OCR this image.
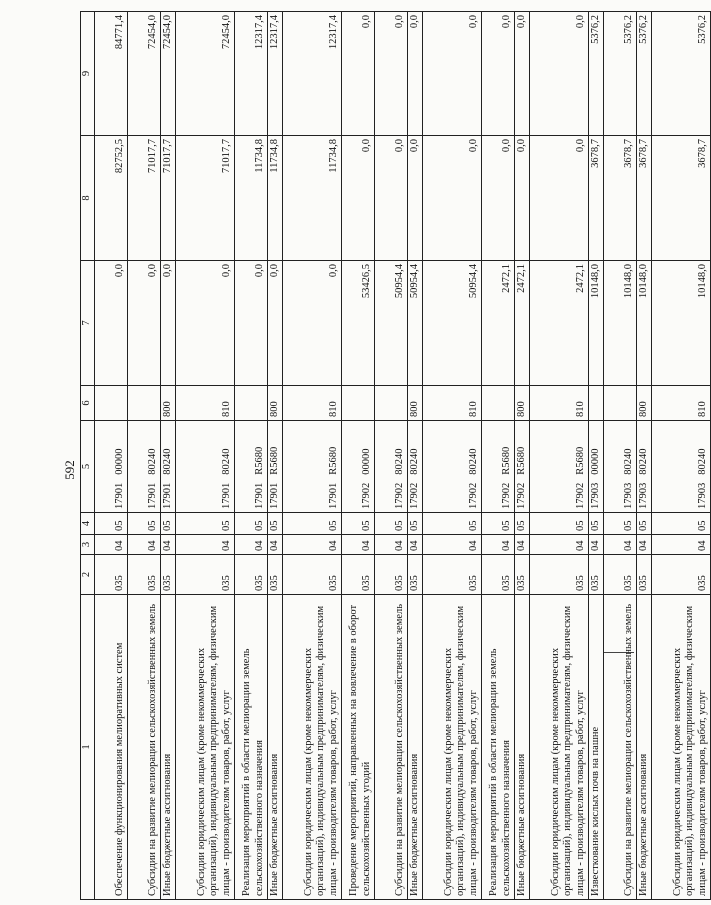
592
1	2	3	4	5	6	7	8	9
Обеспечение функционирования мелиоративных систем	035	04	05	1790100000		0,0	82752,5	84771,4
Субсидии на развитие мелиорации сельскохозяйственных земель	035	04	05	1790180240		0,0	71017,7	72454,0
Иные бюджетные ассигнования	035	04	05	1790180240	800	0,0	71017,7	72454,0
Субсидии юридическим лицам (кроме некоммерческих организаций), индивидуальным предпринимателям, физическим лицам - производителям товаров, работ, услуг	035	04	05	1790180240	810	0,0	71017,7	72454,0
Реализация мероприятий в области мелиорации земель сельскохозяйственного назначения	035	04	05	17901R5680		0,0	11734,8	12317,4
Иные бюджетные ассигнования	035	04	05	17901R5680	800	0,0	11734,8	12317,4
Субсидии юридическим лицам (кроме некоммерческих организаций), индивидуальным предпринимателям, физическим лицам - производителям товаров, работ, услуг	035	04	05	17901R5680	810	0,0	11734,8	12317,4
Проведение мероприятий, направленных на вовлечение в оборот сельскохозяйственных угодий	035	04	05	1790200000		53426,5	0,0	0,0
Субсидии на развитие мелиорации сельскохозяйственных земель	035	04	05	1790280240		50954,4	0,0	0,0
Иные бюджетные ассигнования	035	04	05	1790280240	800	50954,4	0,0	0,0
Субсидии юридическим лицам (кроме некоммерческих организаций), индивидуальным предпринимателям, физическим лицам - производителям товаров, работ, услуг	035	04	05	1790280240	810	50954,4	0,0	0,0
Реализация мероприятий в области мелиорации земель сельскохозяйственного назначения	035	04	05	17902R5680		2472,1	0,0	0,0
Иные бюджетные ассигнования	035	04	05	17902R5680	800	2472,1	0,0	0,0
Субсидии юридическим лицам (кроме некоммерческих организаций), индивидуальным предпринимателям, физическим лицам - производителям товаров, работ, услуг	035	04	05	17902R5680	810	2472,1	0,0	0,0
Известкование кислых почв на пашне	035	04	05	1790300000		10148,0	3678,7	5376,2
Субсидии на развитие мелиорации сельскохозяйственных земель	035	04	05	1790380240		10148,0	3678,7	5376,2
Иные бюджетные ассигнования	035	04	05	1790380240	800	10148,0	3678,7	5376,2
Субсидии юридическим лицам (кроме некоммерческих организаций), индивидуальным предпринимателям, физическим лицам - производителям товаров, работ, услуг	035	04	05	1790380240	810	10148,0	3678,7	5376,2
